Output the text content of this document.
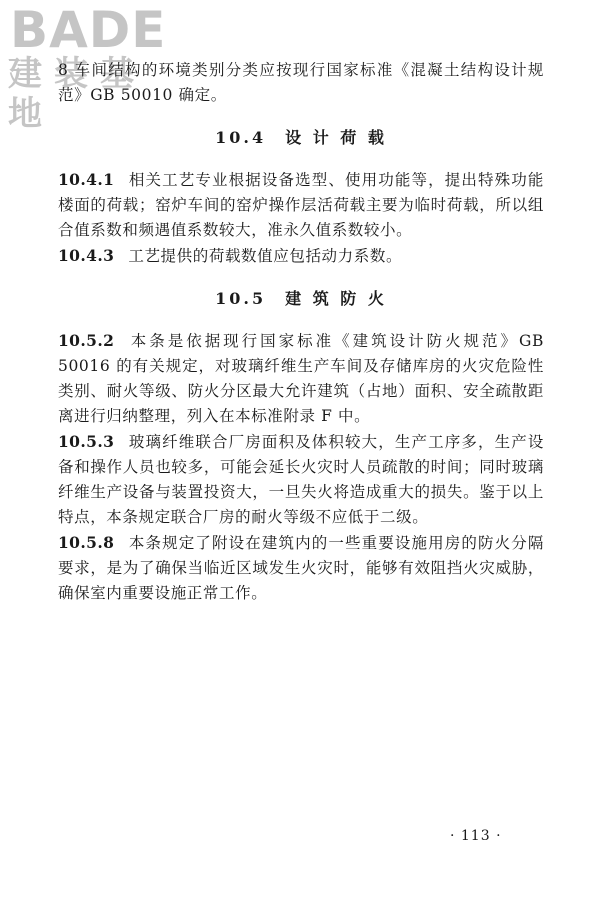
BADE
建装基地

8 车间结构的环境类别分类应按现行国家标准《混凝土结构设计规范》GB 50010 确定。

10.4　设 计 荷 载

10.4.1 相关工艺专业根据设备选型、使用功能等，提出特殊功能楼面的荷载；窑炉车间的窑炉操作层活荷载主要为临时荷载，所以组合值系数和频遇值系数较大，准永久值系数较小。

10.4.3 工艺提供的荷载数值应包括动力系数。

10.5　建 筑 防 火

10.5.2 本条是依据现行国家标准《建筑设计防火规范》GB 50016 的有关规定，对玻璃纤维生产车间及存储库房的火灾危险性类别、耐火等级、防火分区最大允许建筑（占地）面积、安全疏散距离进行归纳整理，列入在本标准附录 F 中。

10.5.3 玻璃纤维联合厂房面积及体积较大，生产工序多，生产设备和操作人员也较多，可能会延长火灾时人员疏散的时间；同时玻璃纤维生产设备与装置投资大，一旦失火将造成重大的损失。鉴于以上特点，本条规定联合厂房的耐火等级不应低于二级。

10.5.8 本条规定了附设在建筑内的一些重要设施用房的防火分隔要求，是为了确保当临近区域发生火灾时，能够有效阻挡火灾威胁，确保室内重要设施正常工作。

· 113 ·
